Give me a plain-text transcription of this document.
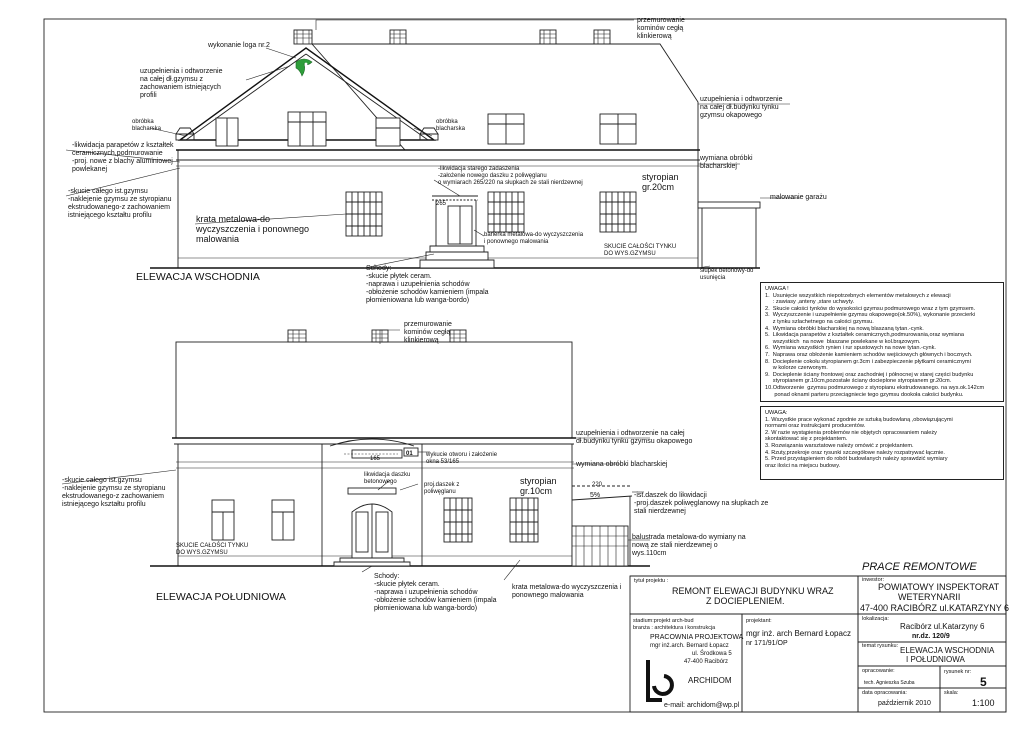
wykonanie loga nr.2
przemurowanie
kominów cegłą
klinkierową
uzupełnienia i odtworzenie
na całej dł.gzymsu z
zachowaniem istniejących
profili
uzupełnienia i odtworzenie
na całej dł.budynku tynku
gzymsu okapowego
obróbka
blacharska
obróbka
blacharska
-likwidacja parapetów z kształtek
ceramicznych,podmurowanie
-proj. nowe z blachy aluminiowej
powlekanej
-skucie całego ist.gzymsu
-naklejenie gzymsu ze styropianu
ekstrudowanego-z zachowaniem
istniejącego kształtu profilu
-likwidacja starego zadaszenia
-założenie nowego daszku z poliwęglanu
o wymiarach 265/220 na słupkach ze stali nierdzewnej
265
styropian
gr.20cm
krata metalowa-do
wyczyszczenia i ponownego
malowania	barierka metalowa-do wyczyszczenia
i ponownego malowania
SKUCIE CAŁOŚCI TYNKU
DO WYS.GZYMSU
wymiana obróbki
blacharskiej
malowanie garażu
słupek betonowy-do
usunięcia
Schody:
-skucie płytek ceram.
-naprawa i uzupełnienia schodów
-obłożenie schodów kamieniem (impala
płomieniowana lub wanga-bordo)
ELEWACJA WSCHODNIA
przemurowanie
kominów cegłą
klinkierową
uzupełnienia i odtworzenie na całej
dł.budynku tynku gzymsu okapowego
wykucie otworu i założenie
okna 53/165
165
01
wymiana obróbki blacharskiej
-skucie całego ist.gzymsu
-naklejenie gzymsu ze styropianu
ekstrudowanego-z zachowaniem
istniejącego kształtu profilu
likwidacja daszku
betonowego	proj.daszek z
poliwęglanu
styropian
gr.10cm
220
5%	-ist.daszek do likwidacji
-proj.daszek poliwęglanowy na słupkach ze
stali nierdzewnej
SKUCIE CAŁOŚCI TYNKU
DO WYS.GZYMSU
balustrada metalowa-do wymiany na
nową ze stali nierdzewnej o
wys.110cm
krata metalowa-do wyczyszczenia i
ponownego malowania
Schody:
-skucie płytek ceram.
-naprawa i uzupełnienia schodów
-obłożenie schodów kamieniem (impala
płomieniowana lub wanga-bordo)
ELEWACJA POŁUDNIOWA
PRACE REMONTOWE
tytuł projektu :
REMONT ELEWACJI BUDYNKU WRAZ
Z DOCIEPLENIEM.
inwestor:
POWIATOWY INSPEKTORAT
WETERYNARII
47-400 RACIBÓRZ ul.KATARZYNY 6
stadium:projekt arch-bud
branża : architektura i konstrukcja
PRACOWNIA PROJEKTOWA
mgr inż.arch. Bernard Łopacz
ul. Środkowa 5
47-400 Racibórz
ARCHIDOM
e-mail: archidom@wp.pl
projektant:
mgr inż. arch Bernard Łopacz
nr 171/91/OP
lokalizacja:
Racibórz ul.Katarzyny 6
nr.dz. 120/9
temat rysunku: ELEWACJA WSCHODNIA
I POŁUDNIOWA
opracowanie:
tech. Agnieszka Szuba
rysunek nr:
5
data opracowania:
październik 2010
skala:
1:100
UWAGA !
1.  Usunięcie wszystkich niepotrzebnych elementów metalowych z elewacji
: zawiasy ,anteny ,stare uchwyty.
2.  Skucie całości tynków do wysokości gzymsu podmurowego wraz z tym gzymsem.
3.  Wyczyszczenie i uzupełnienie gzymsu okapowego(ok.50%), wykonanie przecierki
z tynku szlachetnego na całości gzymsu.
4.  Wymiana obróbki blacharskiej na nową blaszaną tytan.-cynk.
5.  Likwidacja parapetów z kształtek ceramicznych,podmurowania,oraz wymiana
wszystkich  na nowe  blaszane powlekane w kol.brązowym.
6.  Wymiana wszystkich rynien i rur spustowych na nowe tytan.-cynk.
7.  Naprawa oraz obłożenie kamieniem schodów wejściowych głównych i bocznych.
8.  Docieplenie cokołu styropianem gr.3cm i zabezpieczenie płytkami ceramicznymi
w kolorze czerwonym.
9.  Docieplenie ściany frontowej oraz zachodniej i północnej w starej części budynku
styropianem gr.10cm,pozostałe ściany docieplone styropianem gr.20cm.
10.Odtworzenie  gzymsu podmurowego z styropianu ekstrudowanego. na wys.ok.142cm
ponad oknami parteru przeciągniecie tego gzymsu dookoła całości budynku.
UWAGA:
1. Wszystkie prace wykonać zgodnie ze sztuką budowlaną ,obowiązującymi
normami oraz instrukcjami producentów.
2. W razie wystąpienia problemów nie objętych opracowaniem należy
skontaktować się z projektantem.
3. Rozwiązania warsztatowe należy omówić z projektantem.
4. Rzuty,przekroje oraz rysunki szczegółowe należy rozpatrywać łącznie.
5. Przed przystąpieniem do robót budowlanych należy sprawdzić wymiary
oraz ilości na miejscu budowy.
